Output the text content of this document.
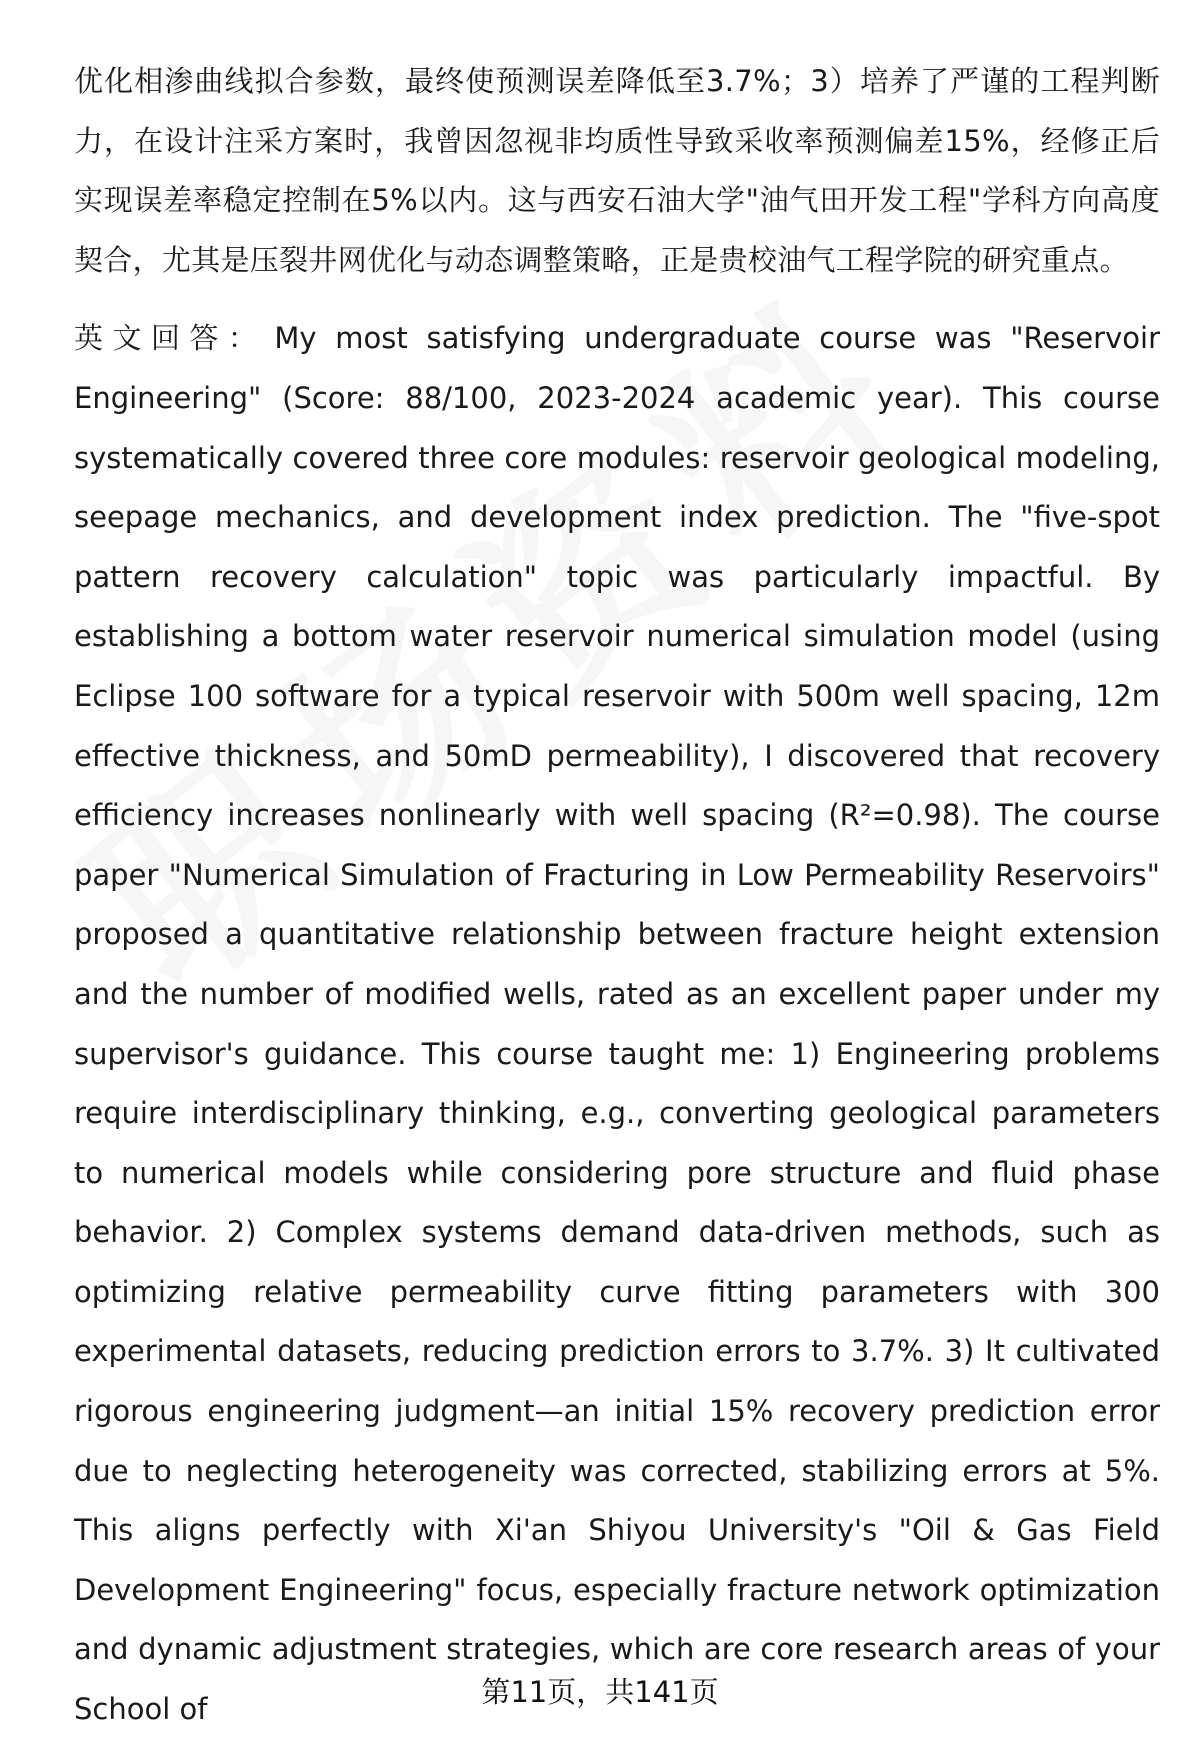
优化相渗曲线拟合参数，最终使预测误差降低至3.7%；3）培养了严谨的工程判断力，在设计注采方案时，我曾因忽视非均质性导致采收率预测偏差15%，经修正后实现误差率稳定控制在5%以内。这与西安石油大学"油气田开发工程"学科方向高度契合，尤其是压裂井网优化与动态调整策略，正是贵校油气工程学院的研究重点。

英文回答： My most satisfying undergraduate course was "Reservoir Engineering" (Score: 88/100, 2023-2024 academic year). This course systematically covered three core modules: reservoir geological modeling, seepage mechanics, and development index prediction. The "five-spot pattern recovery calculation" topic was particularly impactful. By establishing a bottom water reservoir numerical simulation model (using Eclipse 100 software for a typical reservoir with 500m well spacing, 12m effective thickness, and 50mD permeability), I discovered that recovery efficiency increases nonlinearly with well spacing (R²=0.98). The course paper "Numerical Simulation of Fracturing in Low Permeability Reservoirs" proposed a quantitative relationship between fracture height extension and the number of modified wells, rated as an excellent paper under my supervisor's guidance. This course taught me: 1) Engineering problems require interdisciplinary thinking, e.g., converting geological parameters to numerical models while considering pore structure and fluid phase behavior. 2) Complex systems demand data-driven methods, such as optimizing relative permeability curve fitting parameters with 300 experimental datasets, reducing prediction errors to 3.7%. 3) It cultivated rigorous engineering judgment—an initial 15% recovery prediction error due to neglecting heterogeneity was corrected, stabilizing errors at 5%. This aligns perfectly with Xi'an Shiyou University's "Oil & Gas Field Development Engineering" focus, especially fracture network optimization and dynamic adjustment strategies, which are core research areas of your School of

第11页，共141页
